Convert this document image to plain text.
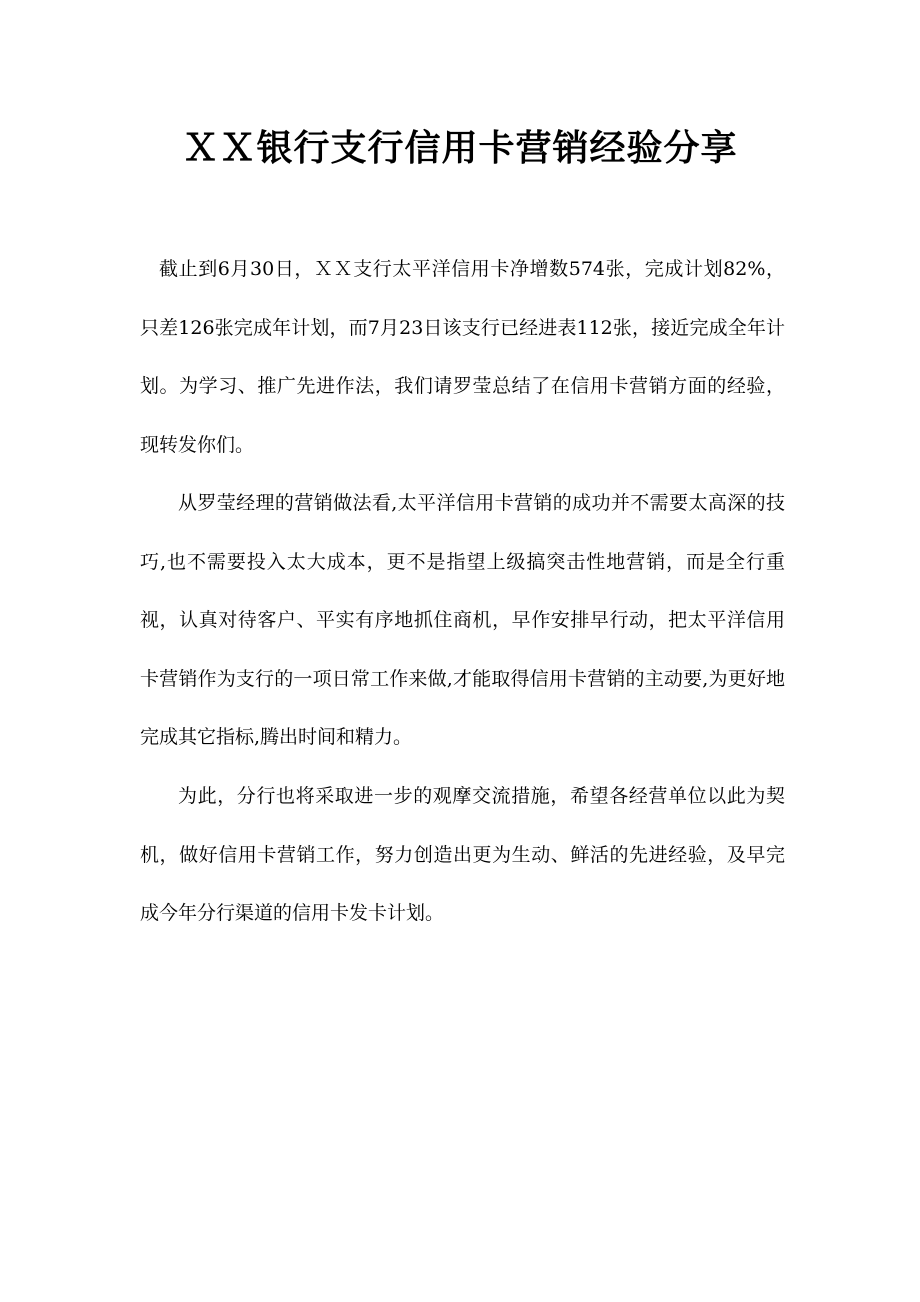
ＸＸ银行支行信用卡营销经验分享

截止到6月30日，ＸＸ支行太平洋信用卡净增数574张，完成计划82%，只差126张完成年计划，而7月23日该支行已经进表112张，接近完成全年计划。为学习、推广先进作法，我们请罗莹总结了在信用卡营销方面的经验，现转发你们。

从罗莹经理的营销做法看,太平洋信用卡营销的成功并不需要太高深的技巧,也不需要投入太大成本，更不是指望上级搞突击性地营销，而是全行重视，认真对待客户、平实有序地抓住商机，早作安排早行动，把太平洋信用卡营销作为支行的一项日常工作来做,才能取得信用卡营销的主动要,为更好地完成其它指标,腾出时间和精力。

为此，分行也将采取进一步的观摩交流措施，希望各经营单位以此为契机，做好信用卡营销工作，努力创造出更为生动、鲜活的先进经验，及早完成今年分行渠道的信用卡发卡计划。
